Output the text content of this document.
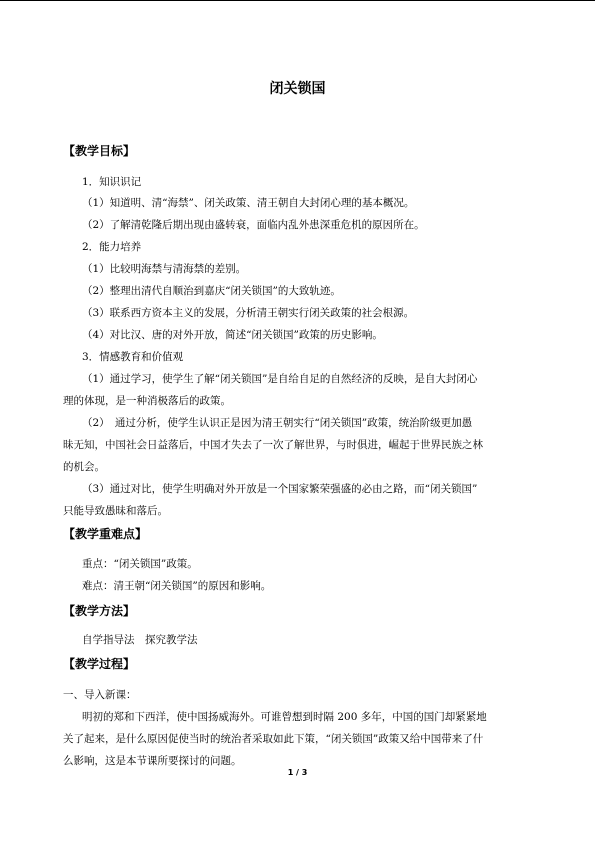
闭关锁国
【教学目标】
1．知识识记
（1）知道明、清“海禁”、闭关政策、清王朝自大封闭心理的基本概况。
（2）了解清乾隆后期出现由盛转衰，面临内乱外患深重危机的原因所在。
2．能力培养
（1）比较明海禁与清海禁的差别。
（2）整理出清代自顺治到嘉庆“闭关锁国”的大致轨迹。
（3）联系西方资本主义的发展，分析清王朝实行闭关政策的社会根源。
（4）对比汉、唐的对外开放，简述“闭关锁国”政策的历史影响。
3．情感教育和价值观
（1）通过学习，使学生了解“闭关锁国”是自给自足的自然经济的反映，是自大封闭心
理的体现，是一种消极落后的政策。
（2）　通过分析，使学生认识正是因为清王朝实行“闭关锁国”政策，统治阶级更加愚
昧无知，中国社会日益落后，中国才失去了一次了解世界，与时俱进，崛起于世界民族之林
的机会。
（3）通过对比，使学生明确对外开放是一个国家繁荣强盛的必由之路，而“闭关锁国”
只能导致愚昧和落后。
【教学重难点】
重点：“闭关锁国”政策。
难点：清王朝“闭关锁国”的原因和影响。
【教学方法】
自学指导法　探究教学法
【教学过程】
一、导入新课：
明初的郑和下西洋，使中国扬威海外。可谁曾想到时隔 200 多年，中国的国门却紧紧地
关了起来，是什么原因促使当时的统治者采取如此下策，“闭关锁国”政策又给中国带来了什
么影响，这是本节课所要探讨的问题。
1 / 3
